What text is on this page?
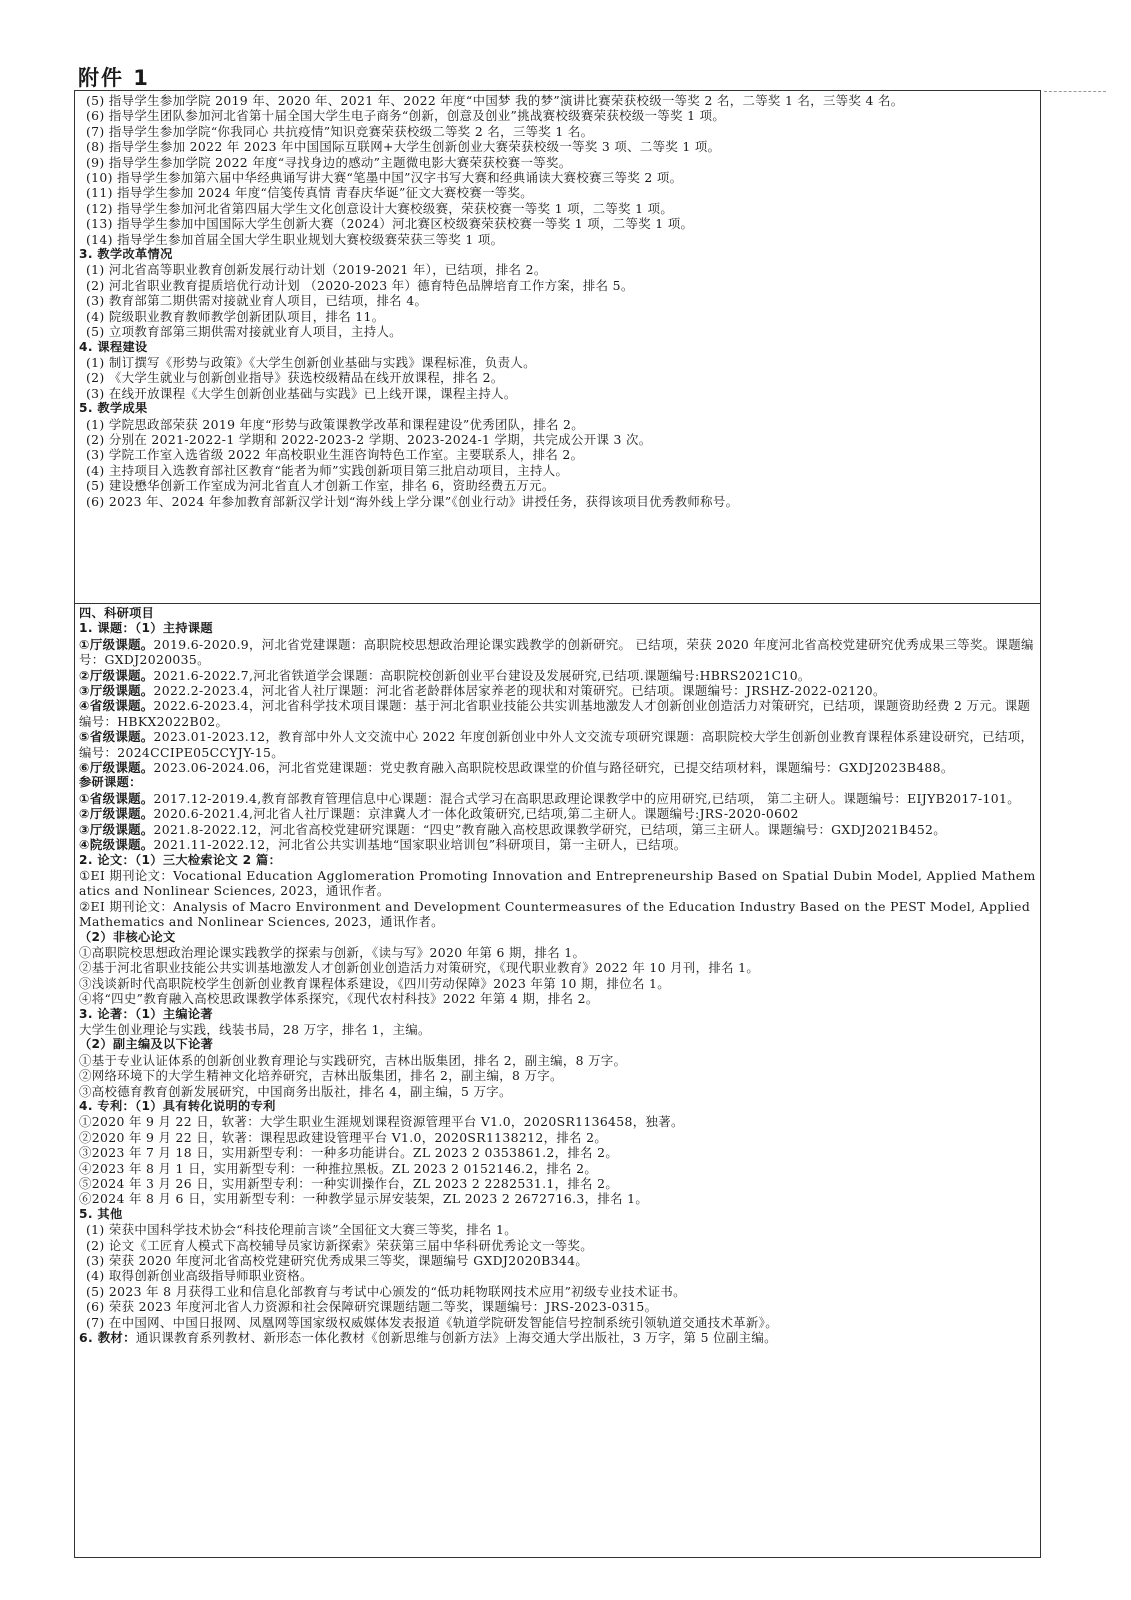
附件 1

(5) 指导学生参加学院 2019 年、2020 年、2021 年、2022 年度“中国梦 我的梦”演讲比赛荣获校级一等奖 2 名，二等奖 1 名，三等奖 4 名。

(6) 指导学生团队参加河北省第十届全国大学生电子商务“创新，创意及创业”挑战赛校级赛荣获校级一等奖 1 项。

(7) 指导学生参加学院“你我同心 共抗疫情”知识竞赛荣获校级二等奖 2 名，三等奖 1 名。

(8) 指导学生参加 2022 年 2023 年中国国际互联网+大学生创新创业大赛荣获校级一等奖 3 项、二等奖 1 项。

(9) 指导学生参加学院 2022 年度“寻找身边的感动”主题微电影大赛荣获校赛一等奖。

(10) 指导学生参加第六届中华经典诵写讲大赛“笔墨中国”汉字书写大赛和经典诵读大赛校赛三等奖 2 项。

(11) 指导学生参加 2024 年度“信笺传真情 青春庆华诞”征文大赛校赛一等奖。

(12) 指导学生参加河北省第四届大学生文化创意设计大赛校级赛，荣获校赛一等奖 1 项，二等奖 1 项。

(13) 指导学生参加中国国际大学生创新大赛（2024）河北赛区校级赛荣获校赛一等奖 1 项，二等奖 1 项。

(14) 指导学生参加首届全国大学生职业规划大赛校级赛荣获三等奖 1 项。

3. 教学改革情况

(1) 河北省高等职业教育创新发展行动计划（2019-2021 年），已结项，排名 2。

(2) 河北省职业教育提质培优行动计划 （2020-2023 年）德育特色品牌培育工作方案，排名 5。

(3) 教育部第二期供需对接就业育人项目，已结项，排名 4。

(4) 院级职业教育教师教学创新团队项目，排名 11。

(5) 立项教育部第三期供需对接就业育人项目，主持人。

4. 课程建设

(1) 制订撰写《形势与政策》《大学生创新创业基础与实践》课程标准，负责人。

(2) 《大学生就业与创新创业指导》获选校级精品在线开放课程，排名 2。

(3) 在线开放课程《大学生创新创业基础与实践》已上线开课，课程主持人。

5. 教学成果

(1) 学院思政部荣获 2019 年度“形势与政策课教学改革和课程建设”优秀团队，排名 2。

(2) 分别在 2021-2022-1 学期和 2022-2023-2 学期、2023-2024-1 学期，共完成公开课 3 次。

(3) 学院工作室入选省级 2022 年高校职业生涯咨询特色工作室。主要联系人，排名 2。

(4) 主持项目入选教育部社区教育“能者为师”实践创新项目第三批启动项目，主持人。

(5) 建设懋华创新工作室成为河北省直人才创新工作室，排名 6，资助经费五万元。

(6) 2023 年、2024 年参加教育部新汉学计划“海外线上学分课”《创业行动》讲授任务，获得该项目优秀教师称号。

四、科研项目

1. 课题：（1）主持课题

①厅级课题。2019.6-2020.9，河北省党建课题：高职院校思想政治理论课实践教学的创新研究。 已结项，荣获 2020 年度河北省高校党建研究优秀成果三等奖。课题编号：GXDJ2020035。

②厅级课题。2021.6-2022.7,河北省铁道学会课题：高职院校创新创业平台建设及发展研究,已结项.课题编号:HBRS2021C10。

③厅级课题。2022.2-2023.4，河北省人社厅课题：河北省老龄群体居家养老的现状和对策研究。已结项。课题编号：JRSHZ-2022-02120。

④省级课题。2022.6-2023.4，河北省科学技术项目课题：基于河北省职业技能公共实训基地激发人才创新创业创造活力对策研究，已结项，课题资助经费 2 万元。课题编号：HBKX2022B02。

⑤省级课题。2023.01-2023.12，教育部中外人文交流中心 2022 年度创新创业中外人文交流专项研究课题：高职院校大学生创新创业教育课程体系建设研究，已结项，编号：2024CCIPE05CCYJY-15。

⑥厅级课题。2023.06-2024.06，河北省党建课题：党史教育融入高职院校思政课堂的价值与路径研究，已提交结项材料，课题编号：GXDJ2023B488。

参研课题：

①省级课题。2017.12-2019.4,教育部教育管理信息中心课题：混合式学习在高职思政理论课教学中的应用研究,已结项， 第二主研人。课题编号：EIJYB2017-101。

②厅级课题。2020.6-2021.4,河北省人社厅课题：京津冀人才一体化政策研究,已结项,第二主研人。课题编号:JRS-2020-0602

③厅级课题。2021.8-2022.12，河北省高校党建研究课题：“四史”教育融入高校思政课教学研究，已结项，第三主研人。课题编号：GXDJ2021B452。

④院级课题。2021.11-2022.12，河北省公共实训基地“国家职业培训包”科研项目，第一主研人，已结项。

2. 论文：（1）三大检索论文 2 篇：

①EI 期刊论文：Vocational Education Agglomeration Promoting Innovation and Entrepreneurship Based on Spatial Dubin Model, Applied Mathematics and Nonlinear Sciences, 2023，通讯作者。

②EI 期刊论文：Analysis of Macro Environment and Development Countermeasures of the Education Industry Based on the PEST Model, Applied Mathematics and Nonlinear Sciences, 2023，通讯作者。

（2）非核心论文

①高职院校思想政治理论课实践教学的探索与创新，《读与写》2020 年第 6 期，排名 1。

②基于河北省职业技能公共实训基地激发人才创新创业创造活力对策研究，《现代职业教育》2022 年 10 月刊，排名 1。

③浅谈新时代高职院校学生创新创业教育课程体系建设，《四川劳动保障》2023 年第 10 期，排位名 1。

④将“四史”教育融入高校思政课教学体系探究，《现代农村科技》2022 年第 4 期，排名 2。

3. 论著：（1）主编论著

大学生创业理论与实践，线装书局，28 万字，排名 1，主编。

（2）副主编及以下论著

①基于专业认证体系的创新创业教育理论与实践研究，吉林出版集团，排名 2，副主编，8 万字。

②网络环境下的大学生精神文化培养研究，吉林出版集团，排名 2，副主编，8 万字。

③高校德育教育创新发展研究，中国商务出版社，排名 4，副主编，5 万字。

4. 专利：（1）具有转化说明的专利

①2020 年 9 月 22 日，软著：大学生职业生涯规划课程资源管理平台 V1.0，2020SR1136458，独著。

②2020 年 9 月 22 日，软著：课程思政建设管理平台 V1.0，2020SR1138212，排名 2。

③2023 年 7 月 18 日，实用新型专利：一种多功能讲台。ZL 2023 2 0353861.2，排名 2。

④2023 年 8 月 1 日，实用新型专利：一种推拉黑板。ZL 2023 2 0152146.2，排名 2。

⑤2024 年 3 月 26 日，实用新型专利：一种实训操作台，ZL 2023 2 2282531.1，排名 2。

⑥2024 年 8 月 6 日，实用新型专利：一种教学显示屏安装架，ZL 2023 2 2672716.3，排名 1。

5. 其他

(1) 荣获中国科学技术协会“科技伦理前言谈”全国征文大赛三等奖，排名 1。

(2) 论文《工匠育人模式下高校辅导员家访新探索》荣获第三届中华科研优秀论文一等奖。

(3) 荣获 2020 年度河北省高校党建研究优秀成果三等奖，课题编号 GXDJ2020B344。

(4) 取得创新创业高级指导师职业资格。

(5) 2023 年 8 月获得工业和信息化部教育与考试中心颁发的“低功耗物联网技术应用”初级专业技术证书。

(6) 荣获 2023 年度河北省人力资源和社会保障研究课题结题二等奖，课题编号：JRS-2023-0315。

(7) 在中国网、中国日报网、凤凰网等国家级权威媒体发表报道《轨道学院研发智能信号控制系统引领轨道交通技术革新》。

6. 教材：通识课教育系列教材、新形态一体化教材《创新思维与创新方法》上海交通大学出版社，3 万字，第 5 位副主编。
